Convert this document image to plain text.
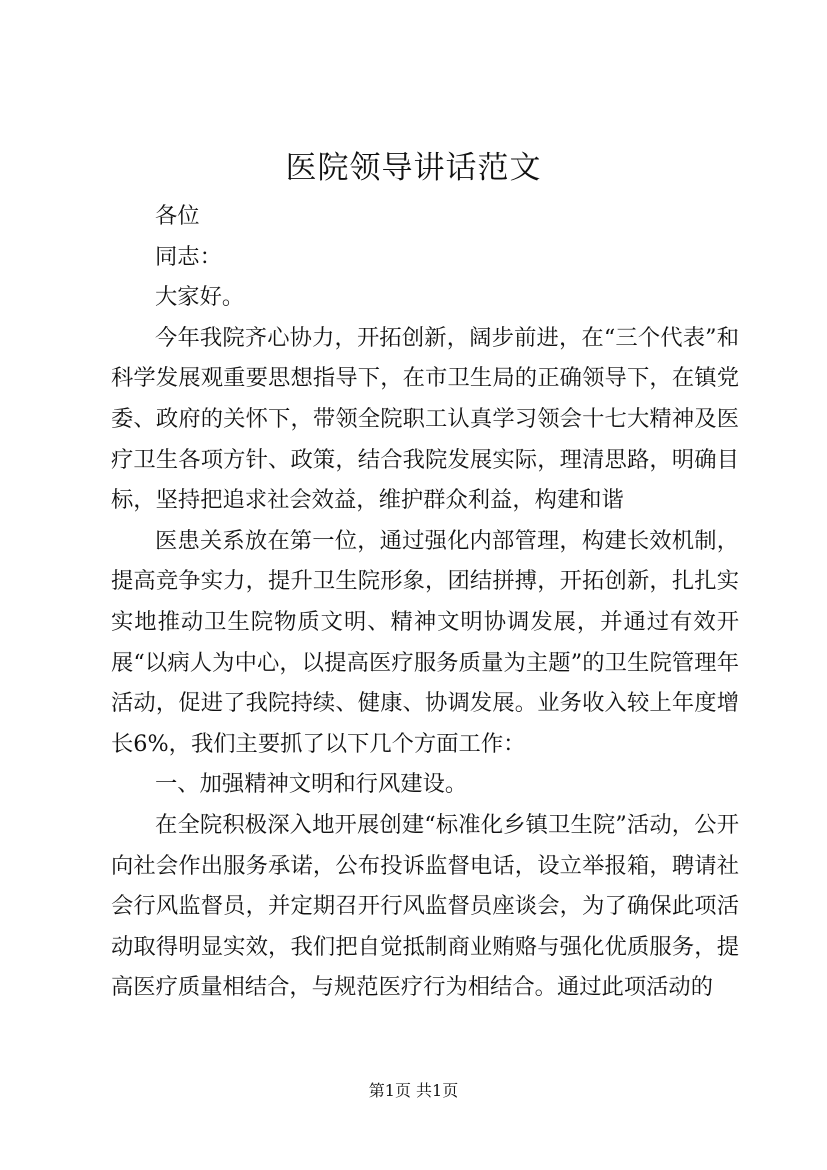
医院领导讲话范文

各位

同志：

大家好。

今年我院齐心协力，开拓创新，阔步前进，在“三个代表”和科学发展观重要思想指导下，在市卫生局的正确领导下，在镇党委、政府的关怀下，带领全院职工认真学习领会十七大精神及医疗卫生各项方针、政策，结合我院发展实际，理清思路，明确目标，坚持把追求社会效益，维护群众利益，构建和谐

医患关系放在第一位，通过强化内部管理，构建长效机制，提高竞争实力，提升卫生院形象，团结拼搏，开拓创新，扎扎实实地推动卫生院物质文明、精神文明协调发展，并通过有效开展“以病人为中心，以提高医疗服务质量为主题”的卫生院管理年活动，促进了我院持续、健康、协调发展。业务收入较上年度增长6%，我们主要抓了以下几个方面工作：

一、加强精神文明和行风建设。

在全院积极深入地开展创建“标准化乡镇卫生院”活动，公开向社会作出服务承诺，公布投诉监督电话，设立举报箱，聘请社会行风监督员，并定期召开行风监督员座谈会，为了确保此项活动取得明显实效，我们把自觉抵制商业贿赂与强化优质服务，提高医疗质量相结合，与规范医疗行为相结合。通过此项活动的

第1页 共1页
